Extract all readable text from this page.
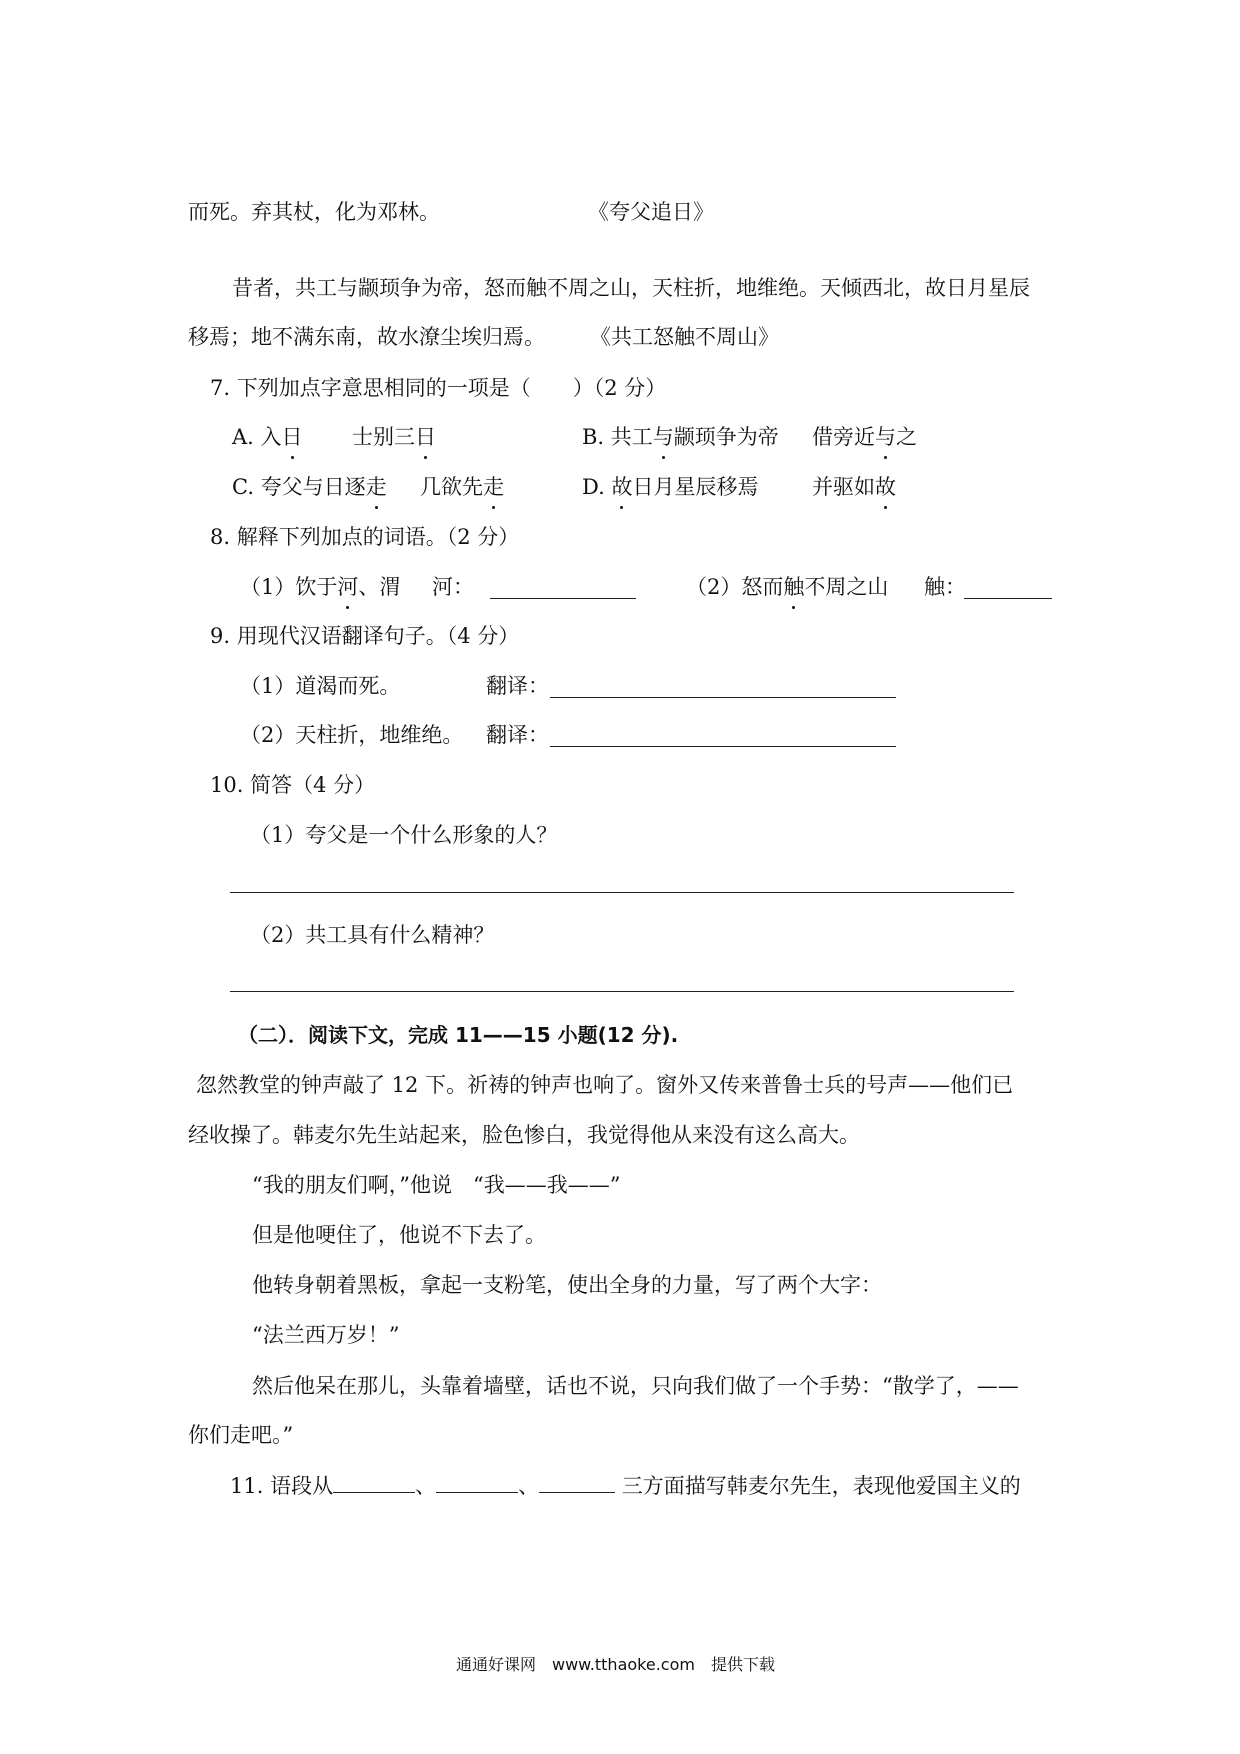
而死。弃其杖，化为邓林。	《夸父追日》
昔者，共工与颛顼争为帝，怒而触不周之山，天柱折，地维绝。天倾西北，故日月星辰
移焉；地不满东南，故水潦尘埃归焉。 《共工怒触不周山》
7. 下列加点字意思相同的一项是（　　）（2 分）
A. 入日 士别三日	B. 共工与颛顼争为帝 借旁近与之
C. 夸父与日逐走 几欲先走	D. 故日月星辰移焉	并驱如故
8. 解释下列加点的词语。（2 分）
（1）饮于河、渭 河：	（2）怒而触不周之山 触：
9. 用现代汉语翻译句子。（4 分）
（1）道渴而死。	翻译：
（2）天柱折，地维绝。 翻译：
10. 简答（4 分）
（1）夸父是一个什么形象的人？
（2）共工具有什么精神？
（二）．阅读下文，完成 11——15 小题(12 分).
忽然教堂的钟声敲了 12 下。祈祷的钟声也响了。窗外又传来普鲁士兵的号声——他们已
经收操了。韩麦尔先生站起来，脸色惨白，我觉得他从来没有这么高大。
“我的朋友们啊，”他说　“我——我——”
但是他哽住了，他说不下去了。
他转身朝着黑板，拿起一支粉笔，使出全身的力量，写了两个大字：
“法兰西万岁！”
然后他呆在那儿，头靠着墙壁，话也不说，只向我们做了一个手势：“散学了，——
你们走吧。”
11. 语段从	、	、	三方面描写韩麦尔先生，表现他爱国主义的
通通好课网　www.tthaoke.com　提供下载
